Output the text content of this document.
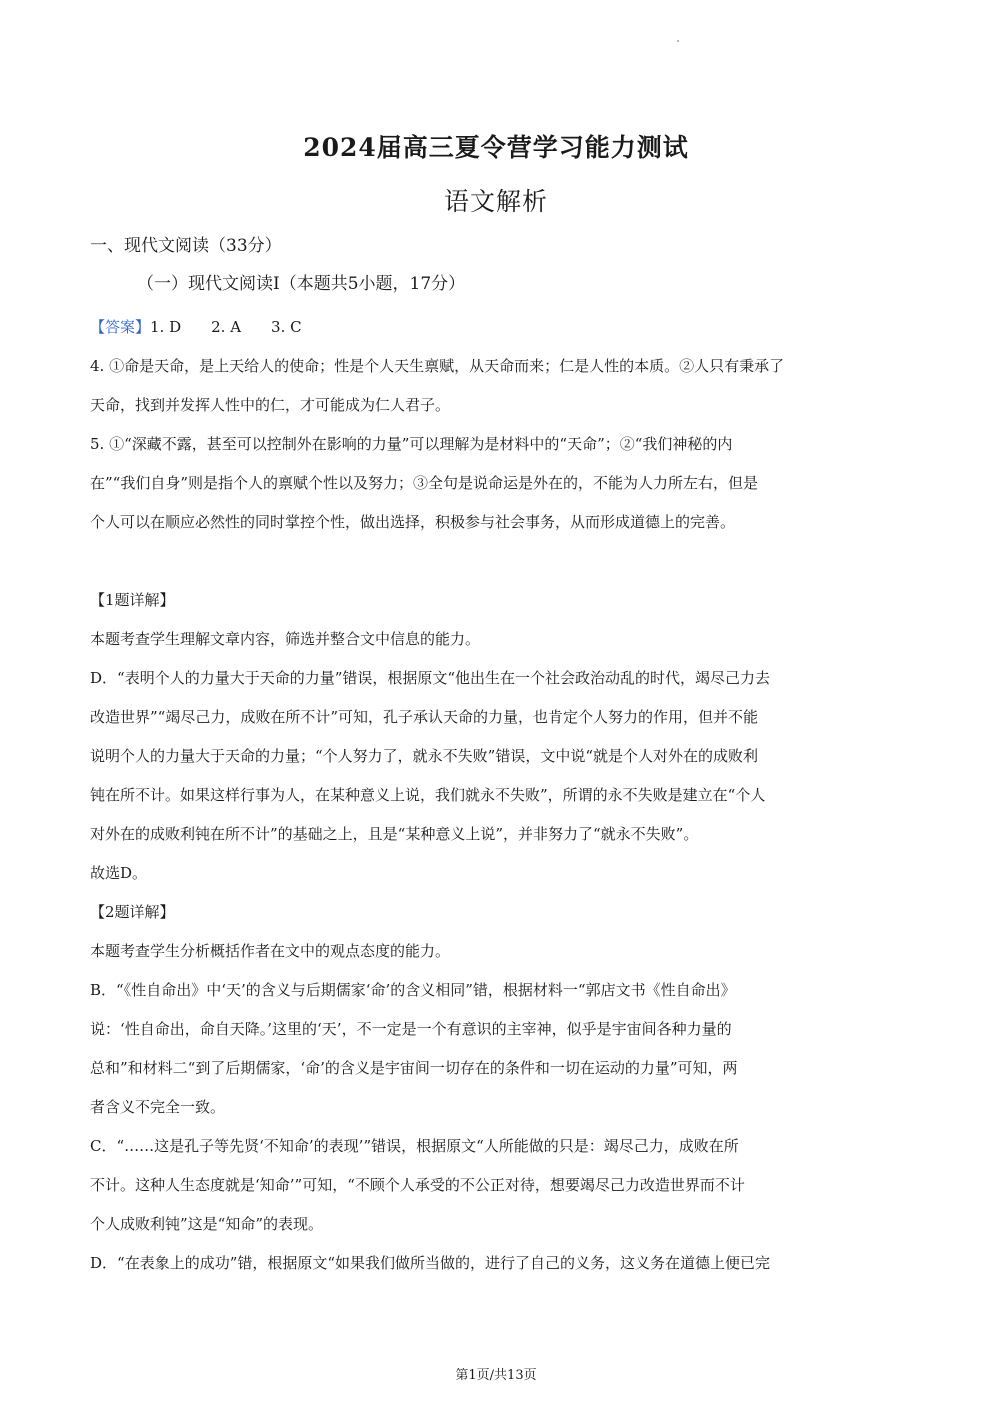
2024届高三夏令营学习能力测试
语文解析
一、现代文阅读（33分）
（一）现代文阅读Ⅰ（本题共5小题，17分）
【答案】1. D　　2. A　　3. C
4. ①命是天命，是上天给人的使命；性是个人天生禀赋，从天命而来；仁是人性的本质。②人只有秉承了
天命，找到并发挥人性中的仁，才可能成为仁人君子。
5. ①“深藏不露，甚至可以控制外在影响的力量”可以理解为是材料中的“天命”；②“我们神秘的内
在”“我们自身”则是指个人的禀赋个性以及努力；③全句是说命运是外在的，不能为人力所左右，但是
个人可以在顺应必然性的同时掌控个性，做出选择，积极参与社会事务，从而形成道德上的完善。
【1题详解】
本题考查学生理解文章内容，筛选并整合文中信息的能力。
D．“表明个人的力量大于天命的力量”错误，根据原文“他出生在一个社会政治动乱的时代，竭尽己力去
改造世界”“竭尽己力，成败在所不计”可知，孔子承认天命的力量，也肯定个人努力的作用，但并不能
说明个人的力量大于天命的力量；“个人努力了，就永不失败”错误，文中说“就是个人对外在的成败利
钝在所不计。如果这样行事为人，在某种意义上说，我们就永不失败”，所谓的永不失败是建立在“个人
对外在的成败利钝在所不计”的基础之上，且是“某种意义上说”，并非努力了“就永不失败”。
故选D。
【2题详解】
本题考查学生分析概括作者在文中的观点态度的能力。
B．“《性自命出》中‘天’的含义与后期儒家‘命’的含义相同”错，根据材料一“郭店文书《性自命出》
说：‘性自命出，命自天降。’这里的‘天’，不一定是一个有意识的主宰神，似乎是宇宙间各种力量的
总和”和材料二“到了后期儒家，‘命’的含义是宇宙间一切存在的条件和一切在运动的力量”可知，两
者含义不完全一致。
C．“……这是孔子等先贤‘不知命’的表现’”错误，根据原文“人所能做的只是：竭尽己力，成败在所
不计。这种人生态度就是‘知命’”可知，“不顾个人承受的不公正对待，想要竭尽己力改造世界而不计
个人成败利钝”这是“知命”的表现。
D．“在表象上的成功”错，根据原文“如果我们做所当做的，进行了自己的义务，这义务在道德上便已完
第1页/共13页
